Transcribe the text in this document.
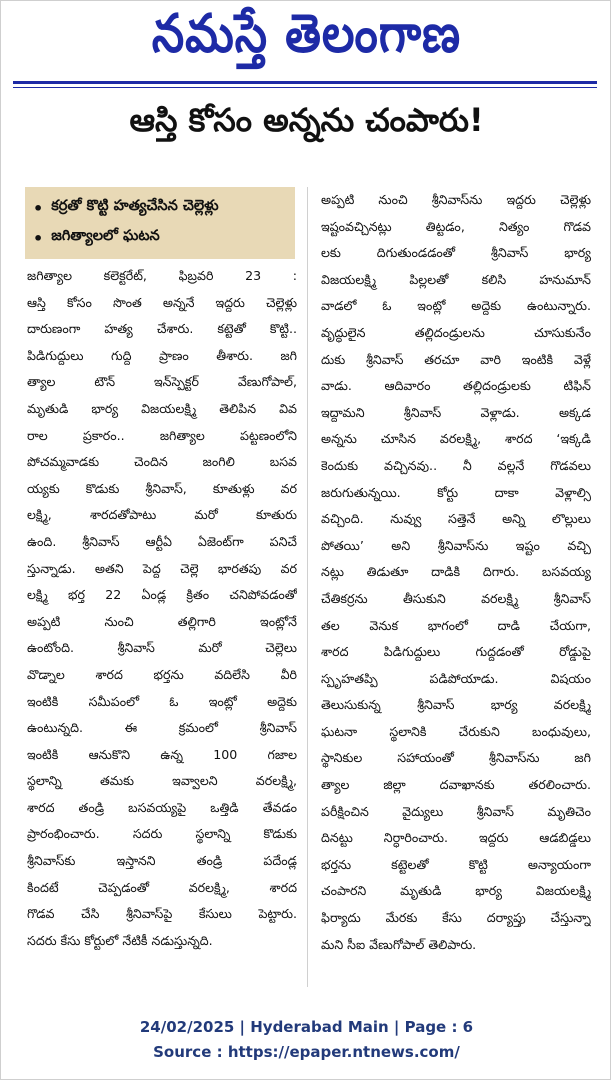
నమస్తే తెలంగాణ
ఆస్తి కోసం అన్నను చంపారు!
• కర్రతో కొట్టి హత్యచేసిన చెల్లెళ్లు
• జగిత్యాలలో ఘటన
జగిత్యాల కలెక్టరేట్, ఫిబ్రవరి 23 :
ఆస్తి కోసం సొంత అన్ననే ఇద్దరు చెల్లెళ్లు
దారుణంగా హత్య చేశారు. కట్టెతో కొట్టి..
పిడిగుద్దులు గుద్ది ప్రాణం తీశారు. జగి
త్యాల టౌన్ ఇన్‌స్పెక్టర్ వేణుగోపాల్,
మృతుడి భార్య విజయలక్ష్మి తెలిపిన వివ
రాల ప్రకారం.. జగిత్యాల పట్టణంలోని
పోచమ్మవాడకు చెందిన జంగిలి బసవ
య్యకు కొడుకు శ్రీనివాస్, కూతుళ్లు వర
లక్ష్మి, శారదతోపాటు మరో కూతురు
ఉంది. శ్రీనివాస్ ఆర్టీఏ ఏజెంట్‌గా పనిచే
స్తున్నాడు. అతని పెద్ద చెల్లె భారతపు వర
లక్ష్మి భర్త 22 ఏండ్ల క్రితం చనిపోవడంతో
అప్పటి నుంచి తల్లిగారి ఇంట్లోనే
ఉంటోంది. శ్రీనివాస్ మరో చెల్లెలు
వొడ్నాల శారద భర్తను వదిలేసి వీరి
ఇంటికి సమీపంలో ఓ ఇంట్లో అద్దెకు
ఉంటున్నది. ఈ క్రమంలో శ్రీనివాస్
ఇంటికి ఆనుకొని ఉన్న 100 గజాల
స్థలాన్ని తమకు ఇవ్వాలని వరలక్ష్మి,
శారద తండ్రి బసవయ్యపై ఒత్తిడి తేవడం
ప్రారంభించారు. సదరు స్థలాన్ని కొడుకు
శ్రీనివాస్‌కు ఇస్తానని తండ్రి పదేండ్ల
కిందటే చెప్పడంతో వరలక్ష్మి, శారద
గొడవ చేసి శ్రీనివాస్‌పై కేసులు పెట్టారు.
సదరు కేసు కోర్టులో నేటికీ నడుస్తున్నది.
అప్పటి నుంచి శ్రీనివాస్‌ను ఇద్దరు చెల్లెళ్లు
ఇష్టంవచ్చినట్లు తిట్టడం, నిత్యం గొడవ
లకు దిగుతుండడంతో శ్రీనివాస్ భార్య
విజయలక్ష్మి పిల్లలతో కలిసి హనుమాన్
వాడలో ఓ ఇంట్లో అద్దెకు ఉంటున్నారు.
వృద్ధులైన తల్లిదండ్రులను చూసుకునేం
దుకు శ్రీనివాస్ తరచూ వారి ఇంటికి వెళ్లే
వాడు. ఆదివారం తల్లిదండ్రులకు టిఫిన్
ఇద్దామని శ్రీనివాస్ వెళ్లాడు. అక్కడ
అన్నను చూసిన వరలక్ష్మి, శారద ‘ఇక్కడి
కెందుకు వచ్చినవు.. నీ వల్లనే గొడవలు
జరుగుతున్నయి. కోర్టు దాకా వెళ్లాల్సి
వచ్చింది. నువ్వు సత్తెనే అన్ని లొల్లులు
పోతయి’ అని శ్రీనివాస్‌ను ఇష్టం వచ్చి
నట్లు తిడుతూ దాడికి దిగారు. బసవయ్య
చేతికర్రను తీసుకుని వరలక్ష్మి శ్రీనివాస్
తల వెనుక భాగంలో దాడి చేయగా,
శారద పిడిగుద్దులు గుద్దడంతో రోడ్డుపై
స్పృహతప్పి పడిపోయాడు. విషయం
తెలుసుకున్న శ్రీనివాస్ భార్య వరలక్ష్మి
ఘటనా స్థలానికి చేరుకుని బంధువులు,
స్థానికుల సహాయంతో శ్రీనివాస్‌ను జగి
త్యాల జిల్లా దవాఖానకు తరలించారు.
పరీక్షించిన వైద్యులు శ్రీనివాస్ మృతిచెం
దినట్టు నిర్ధారించారు. ఇద్దరు ఆడబిడ్డలు
భర్తను కట్టెలతో కొట్టి అన్యాయంగా
చంపారని మృతుడి భార్య విజయలక్ష్మి
ఫిర్యాదు మేరకు కేసు దర్యాప్తు చేస్తున్నా
మని సీఐ వేణుగోపాల్ తెలిపారు.
24/02/2025 | Hyderabad Main | Page : 6
Source : https://epaper.ntnews.com/
